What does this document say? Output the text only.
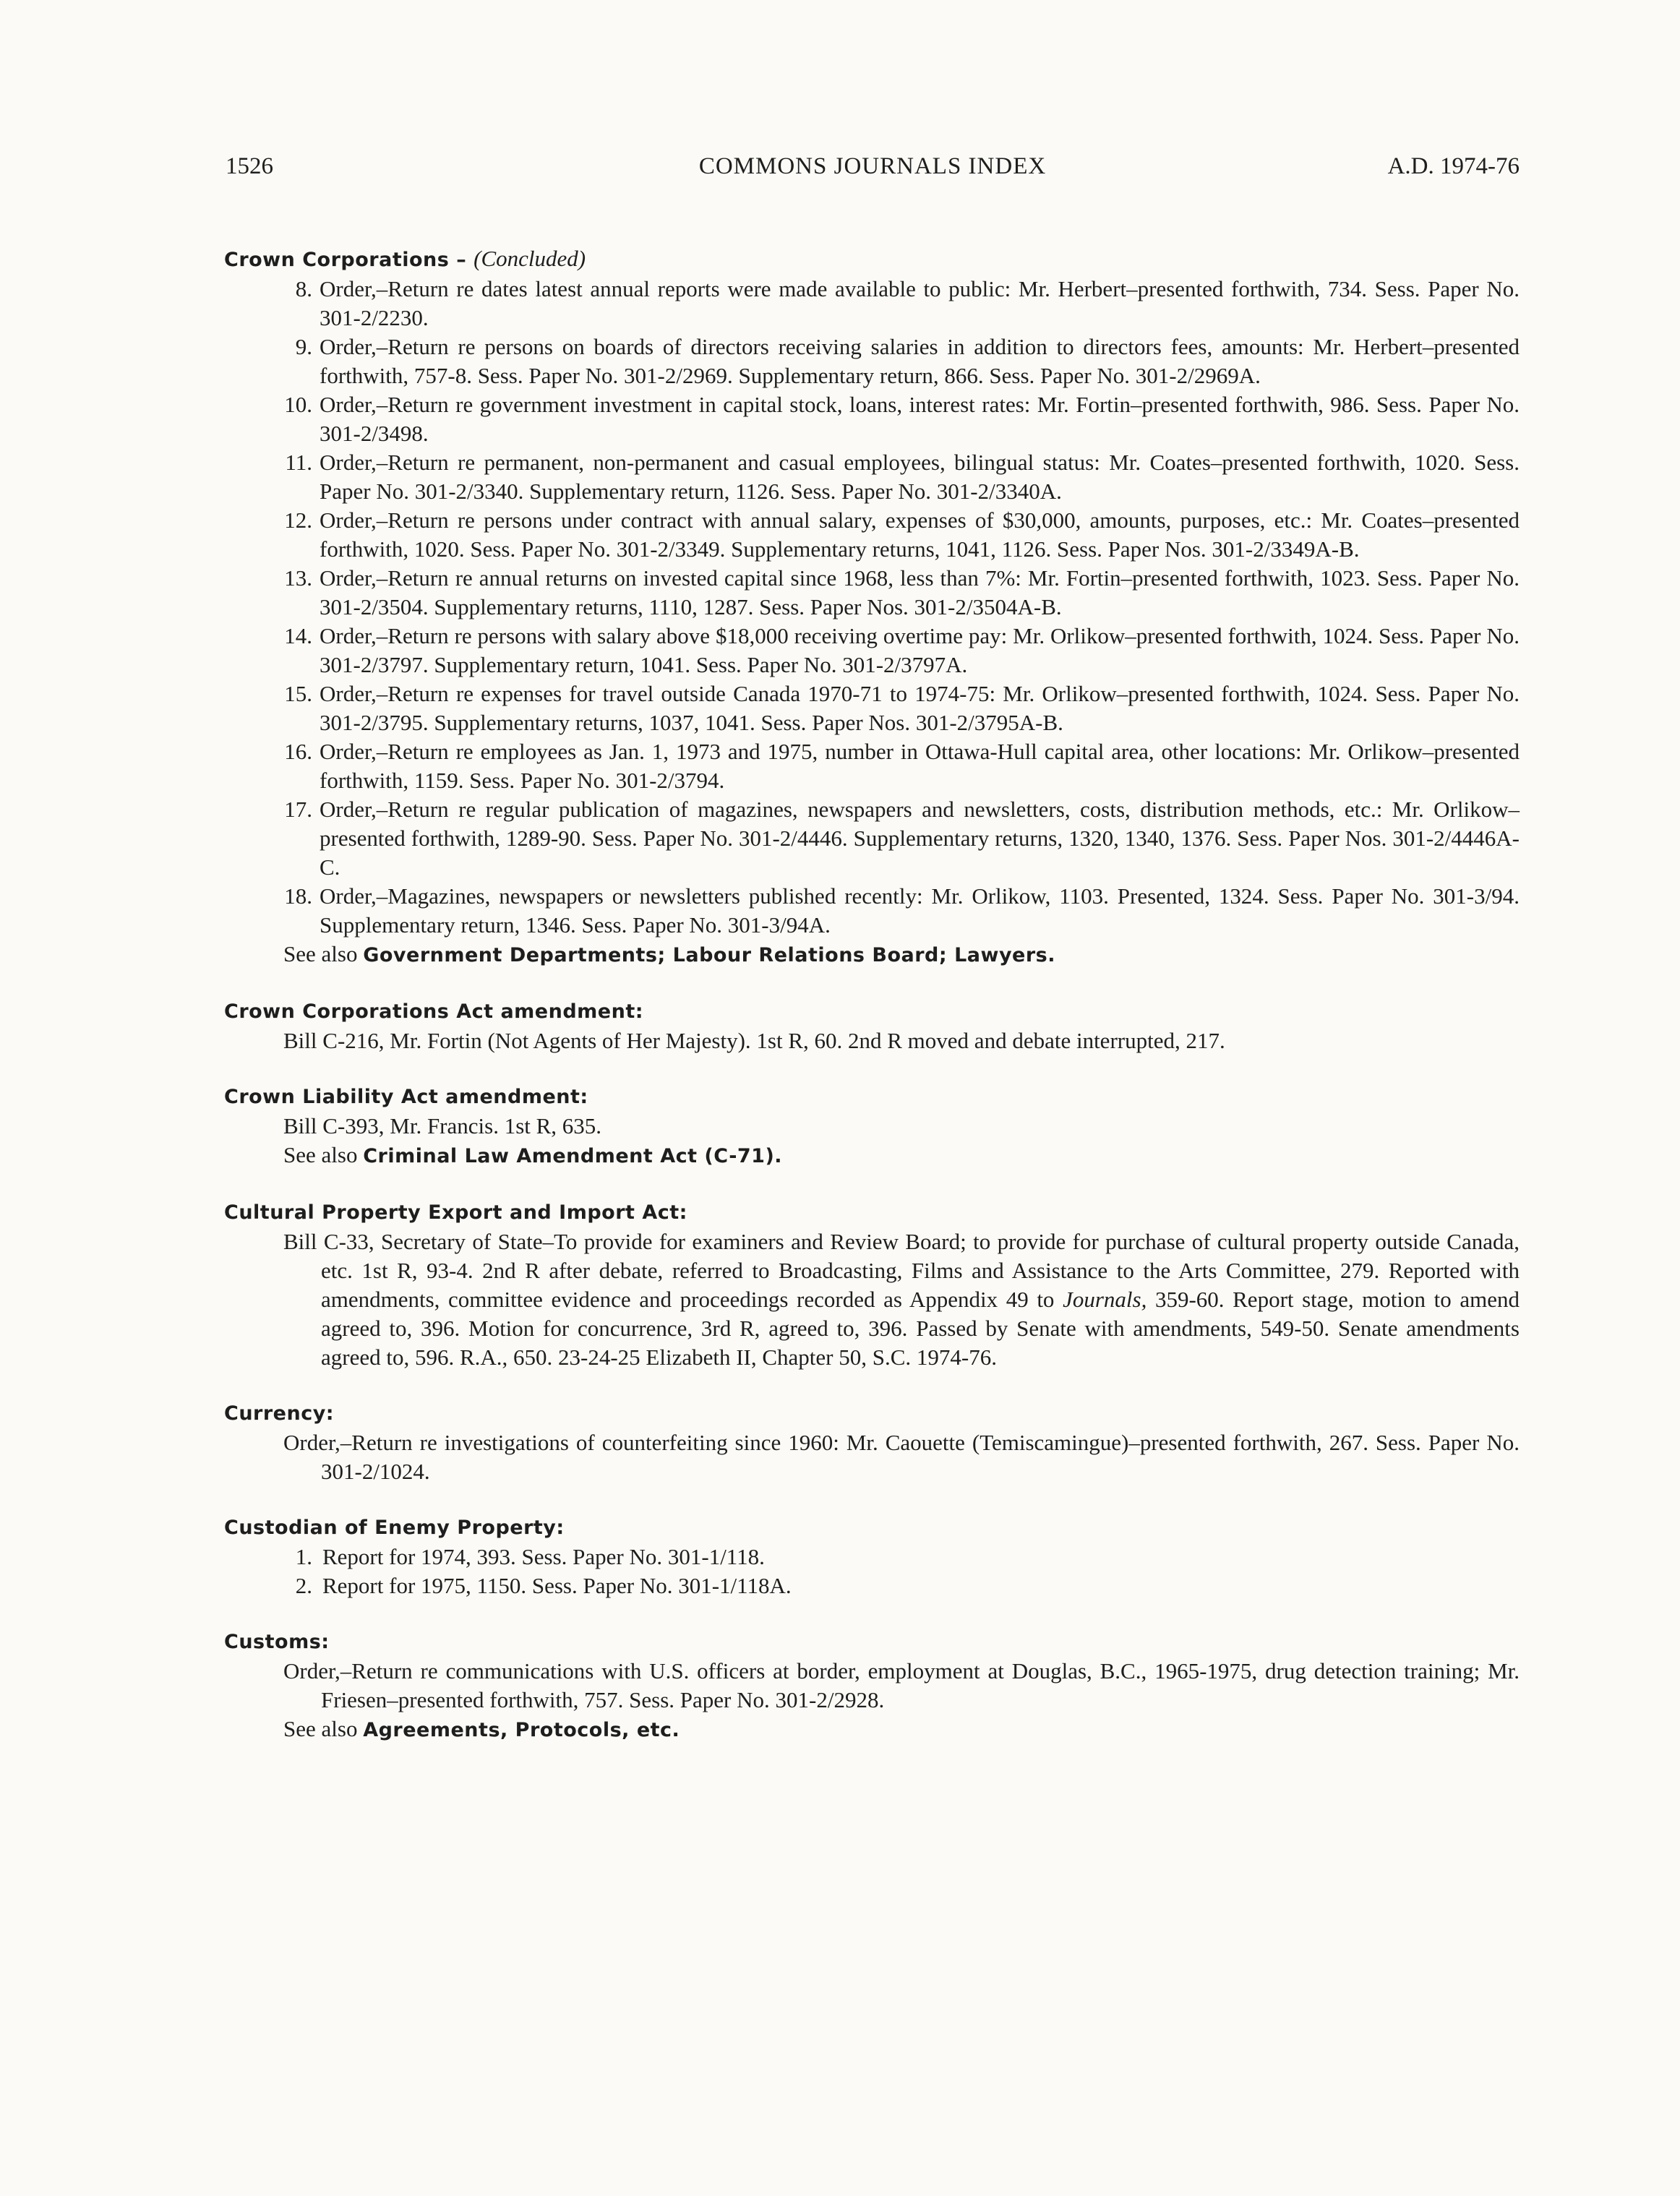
1526	COMMONS JOURNALS INDEX	A.D. 1974-76
Crown Corporations – (Concluded)
8. Order,–Return re dates latest annual reports were made available to public: Mr. Herbert–presented forthwith, 734. Sess. Paper No. 301-2/2230.
9. Order,–Return re persons on boards of directors receiving salaries in addition to directors fees, amounts: Mr. Herbert–presented forthwith, 757-8. Sess. Paper No. 301-2/2969. Supplementary return, 866. Sess. Paper No. 301-2/2969A.
10. Order,–Return re government investment in capital stock, loans, interest rates: Mr. Fortin–presented forthwith, 986. Sess. Paper No. 301-2/3498.
11. Order,–Return re permanent, non-permanent and casual employees, bilingual status: Mr. Coates–presented forthwith, 1020. Sess. Paper No. 301-2/3340. Supplementary return, 1126. Sess. Paper No. 301-2/3340A.
12. Order,–Return re persons under contract with annual salary, expenses of $30,000, amounts, purposes, etc.: Mr. Coates–presented forthwith, 1020. Sess. Paper No. 301-2/3349. Supplementary returns, 1041, 1126. Sess. Paper Nos. 301-2/3349A-B.
13. Order,–Return re annual returns on invested capital since 1968, less than 7%: Mr. Fortin–presented forthwith, 1023. Sess. Paper No. 301-2/3504. Supplementary returns, 1110, 1287. Sess. Paper Nos. 301-2/3504A-B.
14. Order,–Return re persons with salary above $18,000 receiving overtime pay: Mr. Orlikow–presented forthwith, 1024. Sess. Paper No. 301-2/3797. Supplementary return, 1041. Sess. Paper No. 301-2/3797A.
15. Order,–Return re expenses for travel outside Canada 1970-71 to 1974-75: Mr. Orlikow–presented forthwith, 1024. Sess. Paper No. 301-2/3795. Supplementary returns, 1037, 1041. Sess. Paper Nos. 301-2/3795A-B.
16. Order,–Return re employees as Jan. 1, 1973 and 1975, number in Ottawa-Hull capital area, other locations: Mr. Orlikow–presented forthwith, 1159. Sess. Paper No. 301-2/3794.
17. Order,–Return re regular publication of magazines, newspapers and newsletters, costs, distribution methods, etc.: Mr. Orlikow–presented forthwith, 1289-90. Sess. Paper No. 301-2/4446. Supplementary returns, 1320, 1340, 1376. Sess. Paper Nos. 301-2/4446A-C.
18. Order,–Magazines, newspapers or newsletters published recently: Mr. Orlikow, 1103. Presented, 1324. Sess. Paper No. 301-3/94. Supplementary return, 1346. Sess. Paper No. 301-3/94A.
See also Government Departments; Labour Relations Board; Lawyers.
Crown Corporations Act amendment:
Bill C-216, Mr. Fortin (Not Agents of Her Majesty). 1st R, 60. 2nd R moved and debate interrupted, 217.
Crown Liability Act amendment:
Bill C-393, Mr. Francis. 1st R, 635.
See also Criminal Law Amendment Act (C-71).
Cultural Property Export and Import Act:
Bill C-33, Secretary of State–To provide for examiners and Review Board; to provide for purchase of cultural property outside Canada, etc. 1st R, 93-4. 2nd R after debate, referred to Broadcasting, Films and Assistance to the Arts Committee, 279. Reported with amendments, committee evidence and proceedings recorded as Appendix 49 to Journals, 359-60. Report stage, motion to amend agreed to, 396. Motion for concurrence, 3rd R, agreed to, 396. Passed by Senate with amendments, 549-50. Senate amendments agreed to, 596. R.A., 650. 23-24-25 Elizabeth II, Chapter 50, S.C. 1974-76.
Currency:
Order,–Return re investigations of counterfeiting since 1960: Mr. Caouette (Temiscamingue)–presented forthwith, 267. Sess. Paper No. 301-2/1024.
Custodian of Enemy Property:
1. Report for 1974, 393. Sess. Paper No. 301-1/118.
2. Report for 1975, 1150. Sess. Paper No. 301-1/118A.
Customs:
Order,–Return re communications with U.S. officers at border, employment at Douglas, B.C., 1965-1975, drug detection training; Mr. Friesen–presented forthwith, 757. Sess. Paper No. 301-2/2928.
See also Agreements, Protocols, etc.
